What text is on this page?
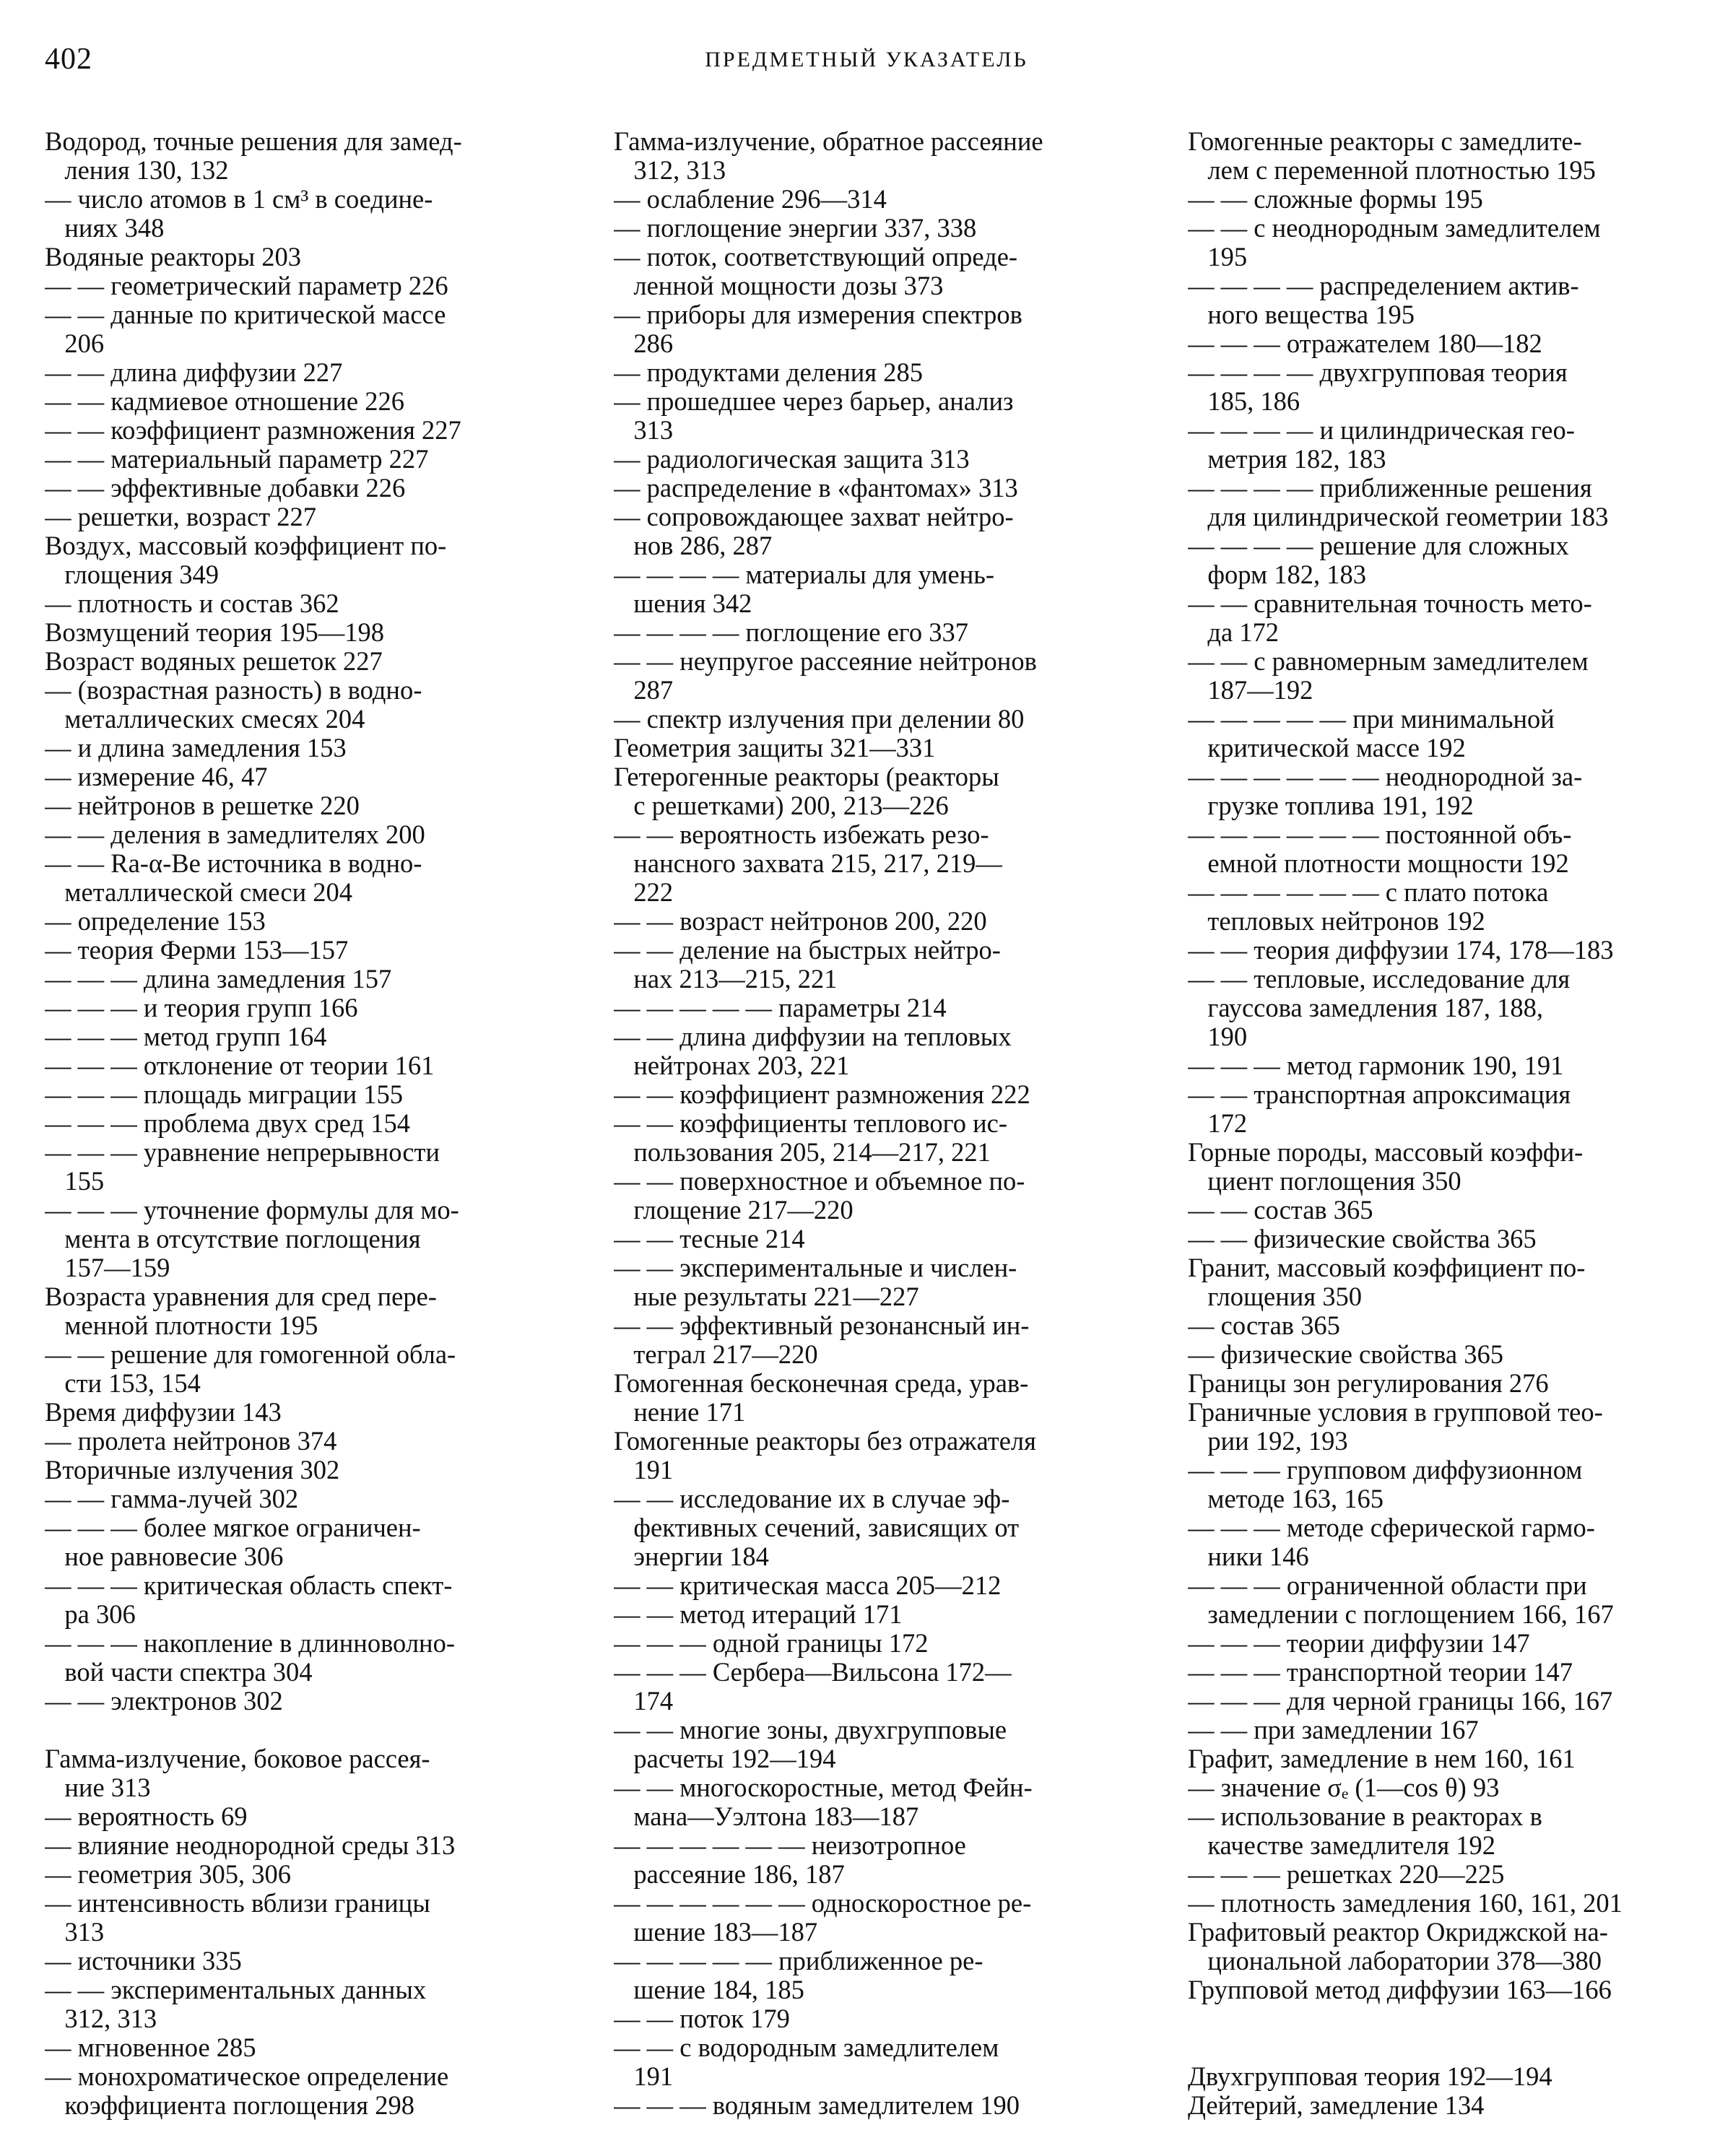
402	ПРЕДМЕТНЫЙ УКАЗАТЕЛЬ
Водород, точные решения для замед-
ления 130, 132
— число атомов в 1 см³ в соедине-
ниях 348
Водяные реакторы 203
— — геометрический параметр 226
— — данные по критической массе
206
— — длина диффузии 227
— — кадмиевое отношение 226
— — коэффициент размножения 227
— — материальный параметр 227
— — эффективные добавки 226
— решетки, возраст 227
Воздух, массовый коэффициент по-
глощения 349
— плотность и состав 362
Возмущений теория 195—198
Возраст водяных решеток 227
— (возрастная разность) в водно-
металлических смесях 204
— и длина замедления 153
— измерение 46, 47
— нейтронов в решетке 220
— — деления в замедлителях 200
— — Ra-α-Be источника в водно-
металлической смеси 204
— определение 153
— теория Ферми 153—157
— — — длина замедления 157
— — — и теория групп 166
— — — метод групп 164
— — — отклонение от теории 161
— — — площадь миграции 155
— — — проблема двух сред 154
— — — уравнение непрерывности
155
— — — уточнение формулы для мо-
мента в отсутствие поглощения
157—159
Возраста уравнения для сред пере-
менной плотности 195
— — решение для гомогенной обла-
сти 153, 154
Время диффузии 143
— пролета нейтронов 374
Вторичные излучения 302
— — гамма-лучей 302
— — — более мягкое ограничен-
ное равновесие 306
— — — критическая область спект-
ра 306
— — — накопление в длинноволно-
вой части спектра 304
— — электронов 302
Гамма-излучение, боковое рассея-
ние 313
— вероятность 69
— влияние неоднородной среды 313
— геометрия 305, 306
— интенсивность вблизи границы
313
— источники 335
— — экспериментальных данных
312, 313
— мгновенное 285
— монохроматическое определение
коэффициента поглощения 298
Гамма-излучение, обратное рассеяние
312, 313
— ослабление 296—314
— поглощение энергии 337, 338
— поток, соответствующий опреде-
ленной мощности дозы 373
— приборы для измерения спектров
286
— продуктами деления 285
— прошедшее через барьер, анализ
313
— радиологическая защита 313
— распределение в «фантомах» 313
— сопровождающее захват нейтро-
нов 286, 287
— — — — материалы для умень-
шения 342
— — — — поглощение его 337
— — неупругое рассеяние нейтронов
287
— спектр излучения при делении 80
Геометрия защиты 321—331
Гетерогенные реакторы (реакторы
с решетками) 200, 213—226
— — вероятность избежать резо-
нансного захвата 215, 217, 219—
222
— — возраст нейтронов 200, 220
— — деление на быстрых нейтро-
нах 213—215, 221
— — — — — параметры 214
— — длина диффузии на тепловых
нейтронах 203, 221
— — коэффициент размножения 222
— — коэффициенты теплового ис-
пользования 205, 214—217, 221
— — поверхностное и объемное по-
глощение 217—220
— — тесные 214
— — экспериментальные и числен-
ные результаты 221—227
— — эффективный резонансный ин-
теграл 217—220
Гомогенная бесконечная среда, урав-
нение 171
Гомогенные реакторы без отражателя
191
— — исследование их в случае эф-
фективных сечений, зависящих от
энергии 184
— — критическая масса 205—212
— — метод итераций 171
— — — одной границы 172
— — — Сербера—Вильсона 172—
174
— — многие зоны, двухгрупповые
расчеты 192—194
— — многоскоростные, метод Фейн-
мана—Уэлтона 183—187
— — — — — — неизотропное
рассеяние 186, 187
— — — — — — односкоростное ре-
шение 183—187
— — — — — приближенное ре-
шение 184, 185
— — поток 179
— — с водородным замедлителем
191
— — — водяным замедлителем 190
Гомогенные реакторы с замедлите-
лем с переменной плотностью 195
— — сложные формы 195
— — с неоднородным замедлителем
195
— — — — распределением актив-
ного вещества 195
— — — отражателем 180—182
— — — — двухгрупповая теория
185, 186
— — — — и цилиндрическая гео-
метрия 182, 183
— — — — приближенные решения
для цилиндрической геометрии 183
— — — — решение для сложных
форм 182, 183
— — сравнительная точность мето-
да 172
— — с равномерным замедлителем
187—192
— — — — — при минимальной
критической массе 192
— — — — — — неоднородной за-
грузке топлива 191, 192
— — — — — — постоянной объ-
емной плотности мощности 192
— — — — — — с плато потока
тепловых нейтронов 192
— — теория диффузии 174, 178—183
— — тепловые, исследование для
гауссова замедления 187, 188,
190
— — — метод гармоник 190, 191
— — транспортная апроксимация
172
Горные породы, массовый коэффи-
циент поглощения 350
— — состав 365
— — физические свойства 365
Гранит, массовый коэффициент по-
глощения 350
— состав 365
— физические свойства 365
Границы зон регулирования 276
Граничные условия в групповой тео-
рии 192, 193
— — — групповом диффузионном
методе 163, 165
— — — методе сферической гармо-
ники 146
— — — ограниченной области при
замедлении с поглощением 166, 167
— — — теории диффузии 147
— — — транспортной теории 147
— — — для черной границы 166, 167
— — при замедлении 167
Графит, замедление в нем 160, 161
— значение σₑ (1—cos θ) 93
— использование в реакторах в
качестве замедлителя 192
— — — решетках 220—225
— плотность замедления 160, 161, 201
Графитовый реактор Окриджской на-
циональной лаборатории 378—380
Групповой метод диффузии 163—166
Двухгрупповая теория 192—194
Дейтерий, замедление 134
